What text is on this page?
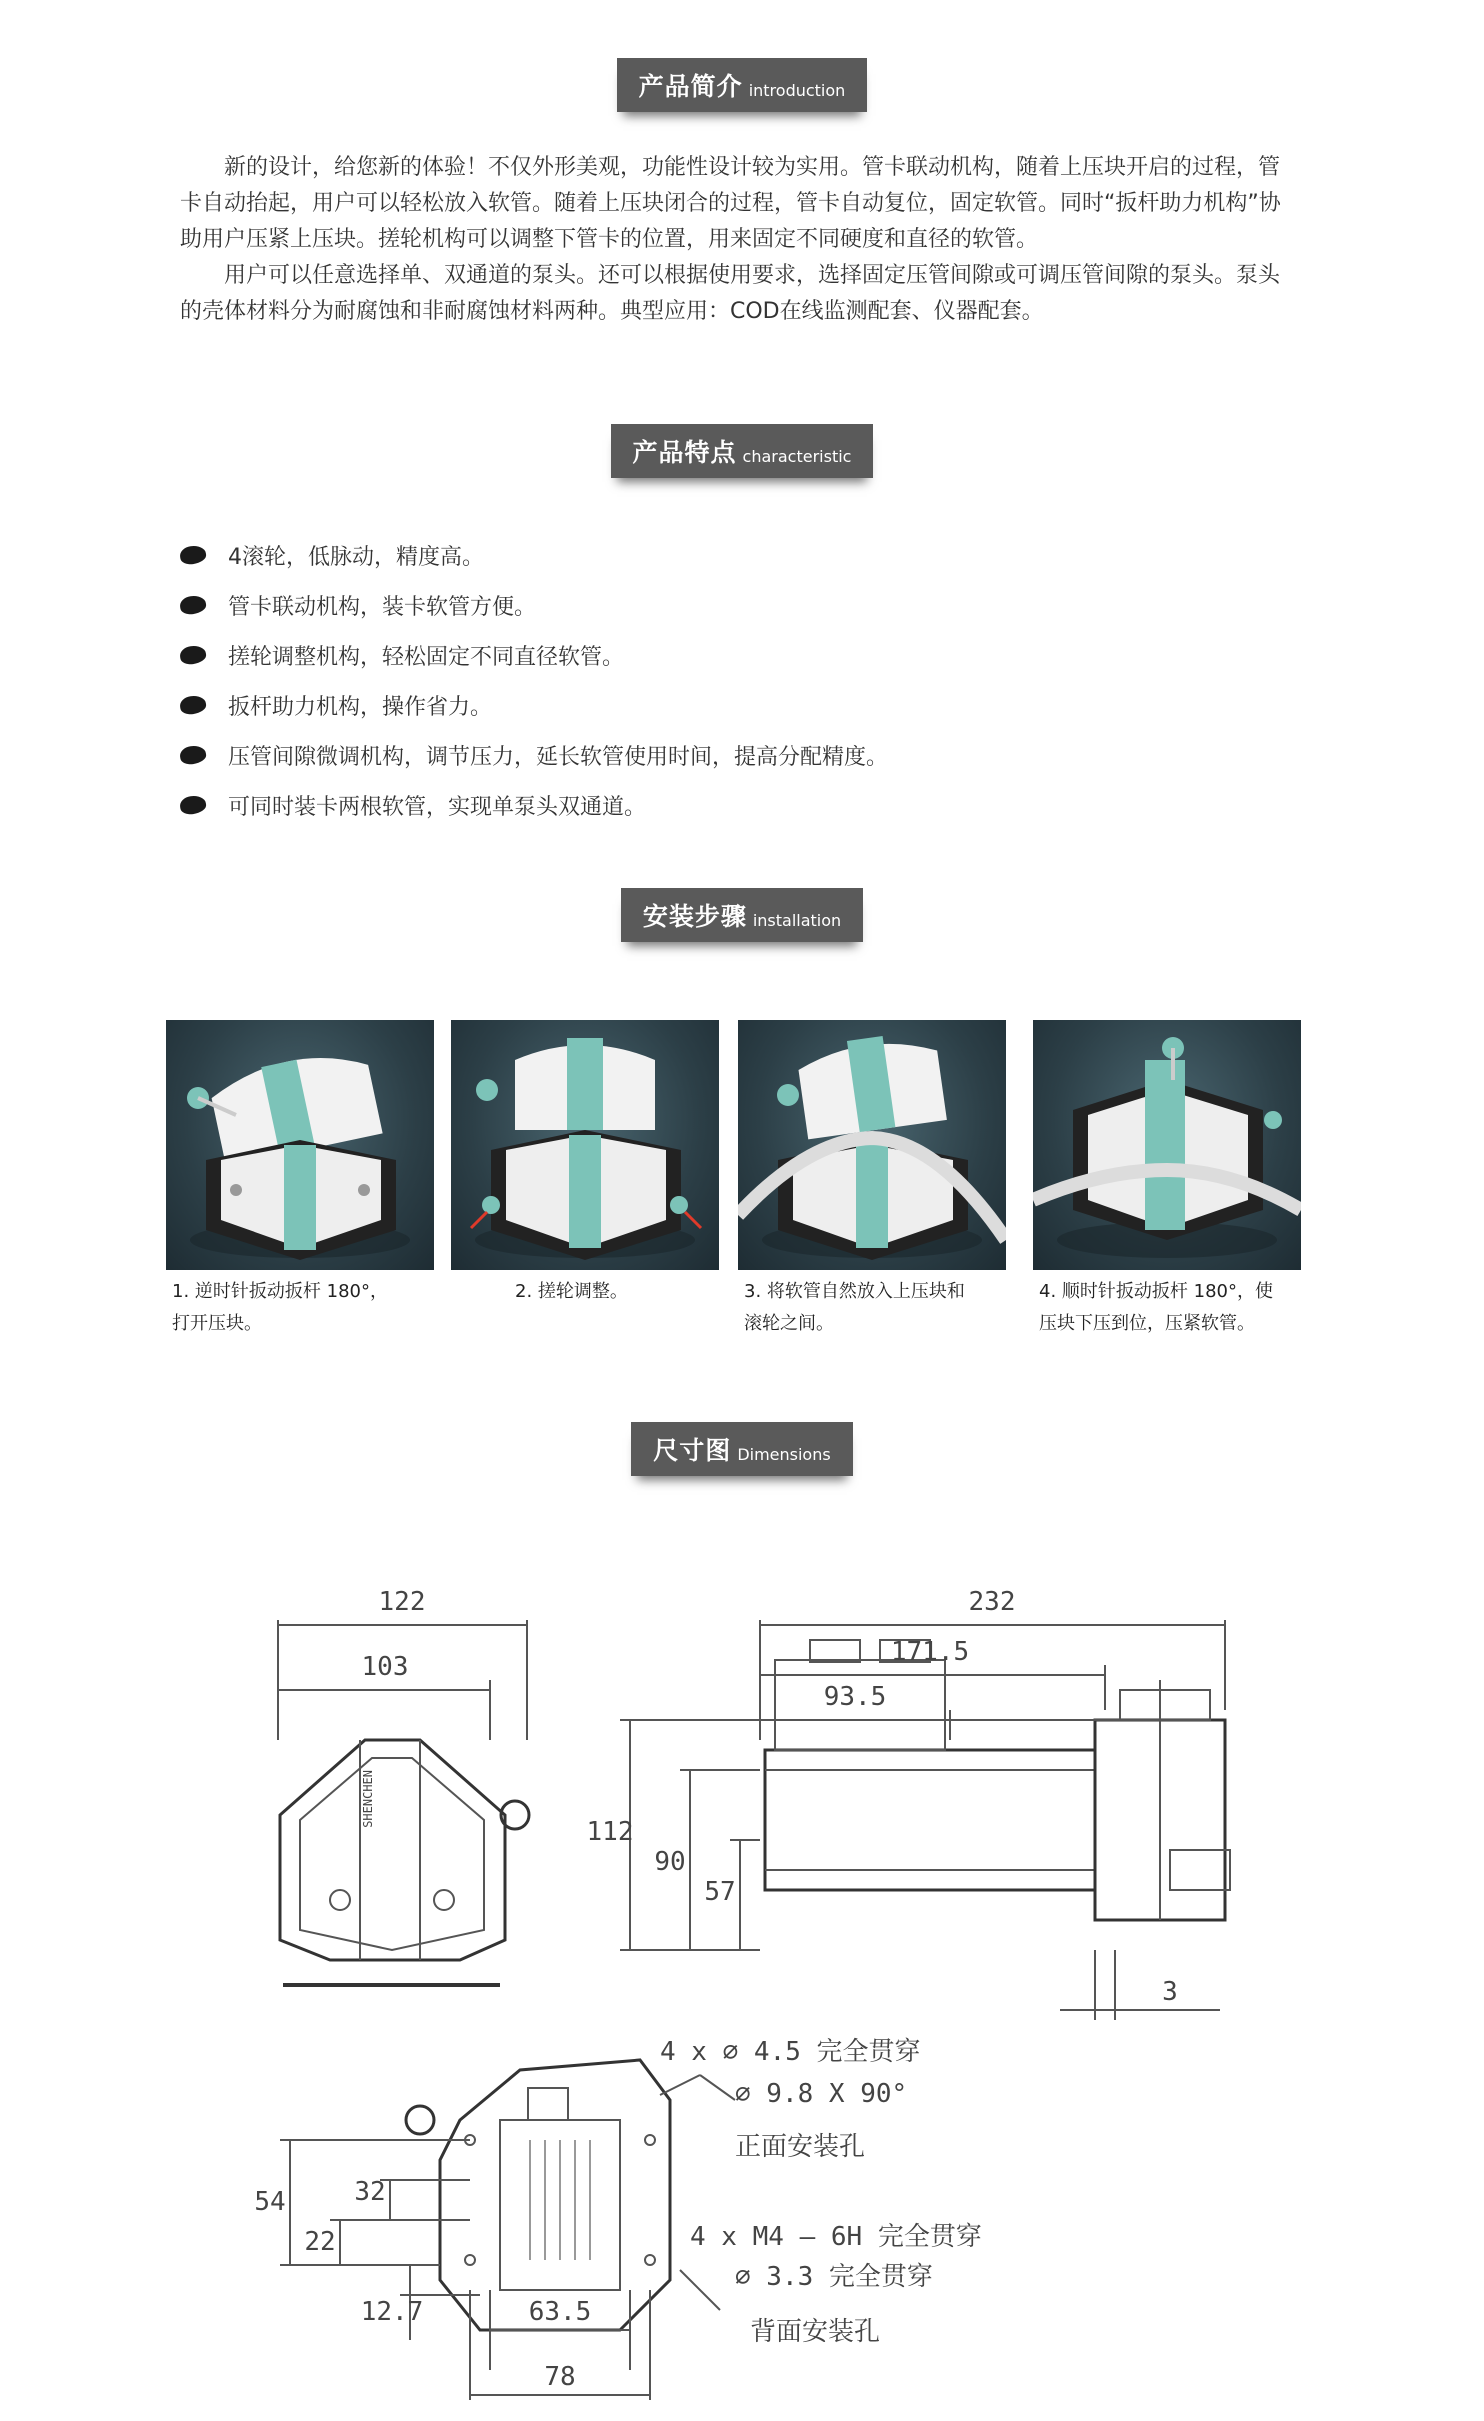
产品简介 introduction

新的设计，给您新的体验！不仅外形美观，功能性设计较为实用。管卡联动机构，随着上压块开启的过程，管卡自动抬起，用户可以轻松放入软管。随着上压块闭合的过程，管卡自动复位，固定软管。同时“扳杆助力机构”协助用户压紧上压块。搓轮机构可以调整下管卡的位置，用来固定不同硬度和直径的软管。

用户可以任意选择单、双通道的泵头。还可以根据使用要求，选择固定压管间隙或可调压管间隙的泵头。泵头的壳体材料分为耐腐蚀和非耐腐蚀材料两种。典型应用：COD在线监测配套、仪器配套。

产品特点 characteristic
4滚轮，低脉动，精度高。
管卡联动机构，装卡软管方便。
搓轮调整机构，轻松固定不同直径软管。
扳杆助力机构，操作省力。
压管间隙微调机构，调节压力，延长软管使用时间，提高分配精度。
可同时装卡两根软管，实现单泵头双通道。
安装步骤 installation
1. 逆时针扳动扳杆 180°，
打开压块。
2. 搓轮调整。	3. 将软管自然放入上压块和
滚轮之间。
4. 顺时针扳动扳杆 180°，使
压块下压到位，压紧软管。
尺寸图 Dimensions
122
103
232
171.5
93.5
112
90
57
3
54	32
22
12.7	63.5
78
4 x ∅ 4.5 完全贯穿
∅ 9.8 X 90°
正面安装孔
4 x M4 — 6H 完全贯穿
∅ 3.3 完全贯穿
背面安装孔
SHENCHEN
